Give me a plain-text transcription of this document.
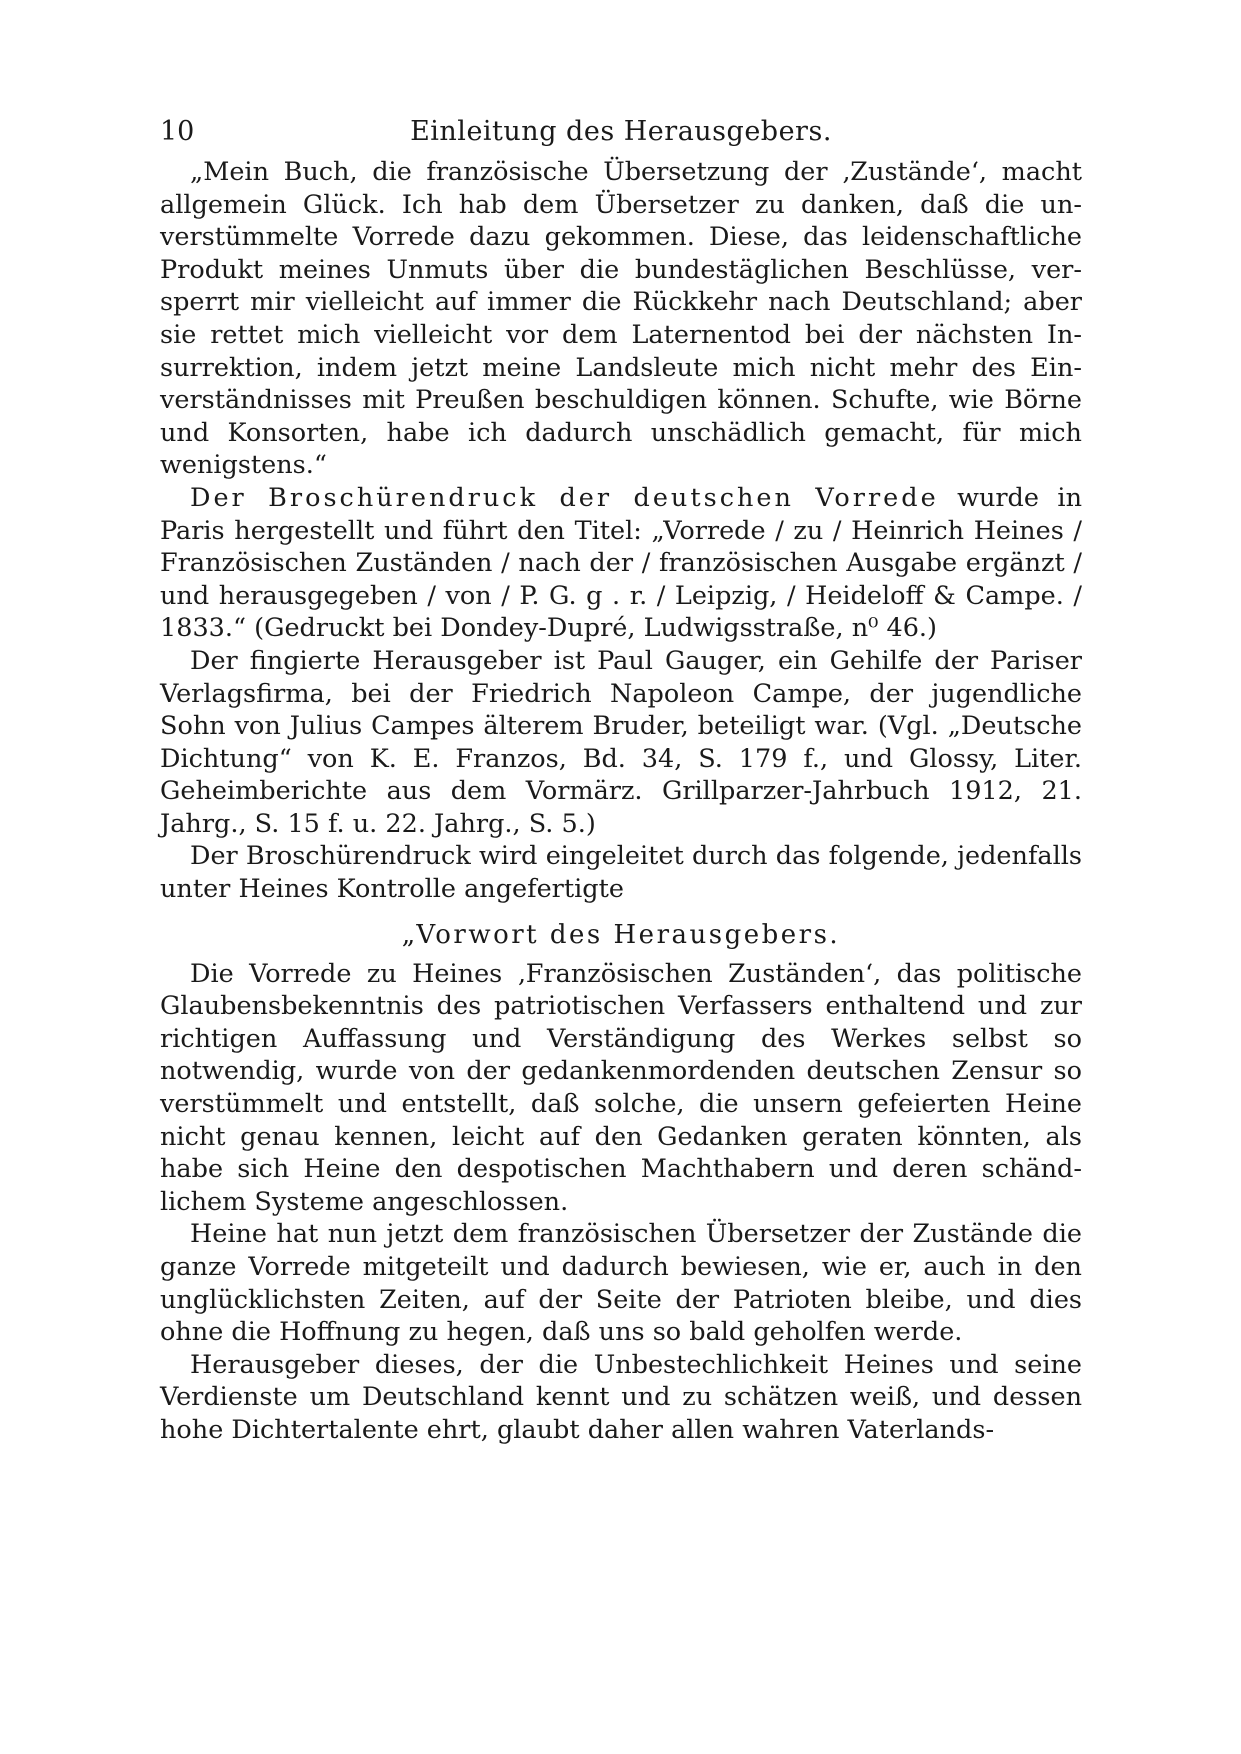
10	Einleitung des Herausgebers.

„Mein Buch, die französische Übersetzung der ‚Zustände‘, macht allgemein Glück. Ich hab dem Übersetzer zu danken, daß die unverstümmelte Vorrede dazu gekommen. Diese, das leidenschaftliche Produkt meines Unmuts über die bundestäglichen Beschlüsse, versperrt mir vielleicht auf immer die Rückkehr nach Deutschland; aber sie rettet mich vielleicht vor dem Laternentod bei der nächsten Insurrektion, indem jetzt meine Landsleute mich nicht mehr des Einverständnisses mit Preußen beschuldigen können. Schufte, wie Börne und Konsorten, habe ich dadurch unschädlich gemacht, für mich wenigstens.“

Der Broschürendruck der deutschen Vorrede wurde in Paris hergestellt und führt den Titel: „Vorrede / zu / Heinrich Heines / Französischen Zuständen / nach der / französischen Ausgabe ergänzt / und herausgegeben / von / P. G. g . r. / Leipzig, / Heideloff & Campe. / 1833.“ (Gedruckt bei Dondey-Dupré, Ludwigsstraße, n⁰ 46.)

Der fingierte Herausgeber ist Paul Gauger, ein Gehilfe der Pariser Verlagsfirma, bei der Friedrich Napoleon Campe, der jugendliche Sohn von Julius Campes älterem Bruder, beteiligt war. (Vgl. „Deutsche Dichtung“ von K. E. Franzos, Bd. 34, S. 179 f., und Glossy, Liter. Geheimberichte aus dem Vormärz. Grillparzer-Jahrbuch 1912, 21. Jahrg., S. 15 f. u. 22. Jahrg., S. 5.)

Der Broschürendruck wird eingeleitet durch das folgende, jedenfalls unter Heines Kontrolle angefertigte

„Vorwort des Herausgebers.

Die Vorrede zu Heines ‚Französischen Zuständen‘, das politische Glaubensbekenntnis des patriotischen Verfassers enthaltend und zur richtigen Auffassung und Verständigung des Werkes selbst so notwendig, wurde von der gedankenmordenden deutschen Zensur so verstümmelt und entstellt, daß solche, die unsern gefeierten Heine nicht genau kennen, leicht auf den Gedanken geraten könnten, als habe sich Heine den despotischen Machthabern und deren schändlichem Systeme angeschlossen.

Heine hat nun jetzt dem französischen Übersetzer der Zustände die ganze Vorrede mitgeteilt und dadurch bewiesen, wie er, auch in den unglücklichsten Zeiten, auf der Seite der Patrioten bleibe, und dies ohne die Hoffnung zu hegen, daß uns so bald geholfen werde.

Herausgeber dieses, der die Unbestechlichkeit Heines und seine Verdienste um Deutschland kennt und zu schätzen weiß, und dessen hohe Dichtertalente ehrt, glaubt daher allen wahren Vaterlands-
